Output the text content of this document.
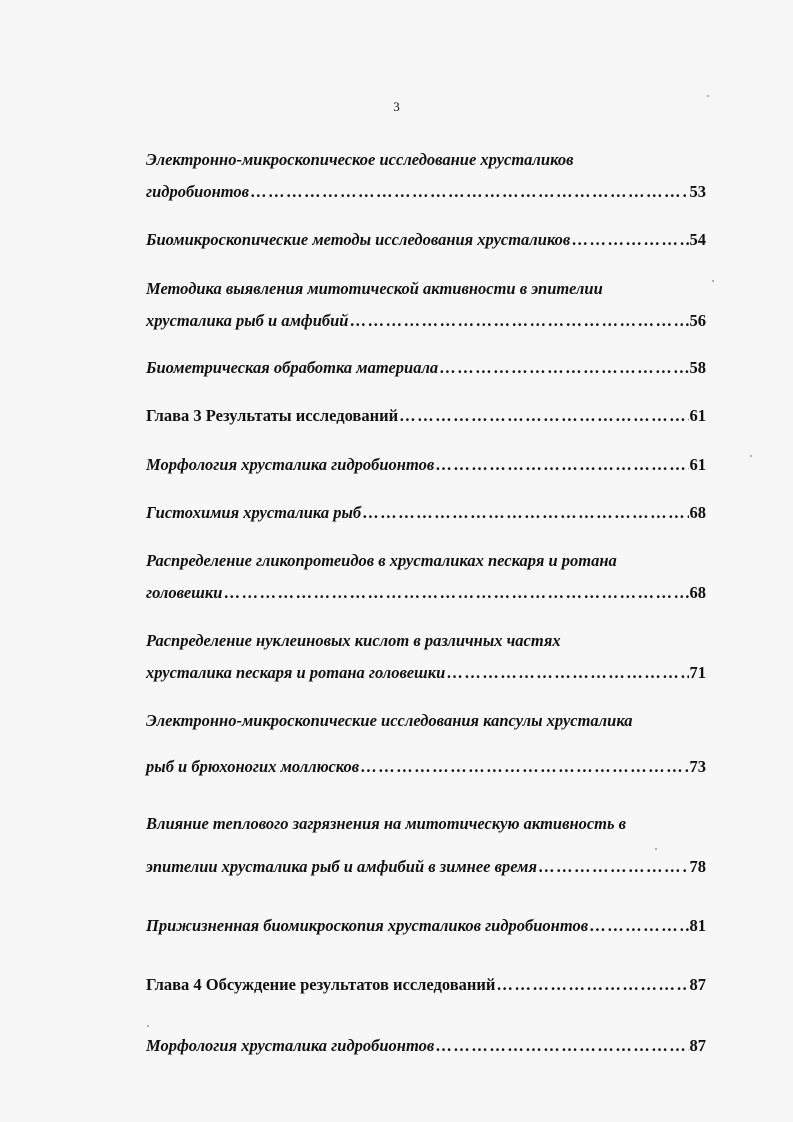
3
Электронно-микроскопическое исследование хрусталиков
гидробионтов ……………………………………………………………………………………………………………………………………………………	53
Биомикроскопические методы исследования хрусталиков ……………………………………………………………………………………………………………………………………………………	54
Методика выявления митотической активности в эпителии
хрусталика рыб и амфибий ……………………………………………………………………………………………………………………………………………………	56
Биометрическая обработка материала ……………………………………………………………………………………………………………………………………………………	58
Глава 3 Результаты исследований ……………………………………………………………………………………………………………………………………………………	61
Морфология хрусталика гидробионтов ……………………………………………………………………………………………………………………………………………………	61
Гистохимия хрусталика рыб ……………………………………………………………………………………………………………………………………………………	68
Распределение гликопротеидов в хрусталиках пескаря и ротана
головешки ……………………………………………………………………………………………………………………………………………………	68
Распределение нуклеиновых кислот в различных частях
хрусталика пескаря и ротана головешки ……………………………………………………………………………………………………………………………………………………	71
Электронно-микроскопические исследования капсулы хрусталика
рыб и брюхоногих моллюсков ……………………………………………………………………………………………………………………………………………………	73
Влияние теплового загрязнения на митотическую активность в
эпителии хрусталика рыб и амфибий в зимнее время ……………………………………………………………………………………………………………………………………………………	78
Прижизненная биомикроскопия хрусталиков гидробионтов ……………………………………………………………………………………………………………………………………………………	81
Глава 4 Обсуждение результатов исследований ……………………………………………………………………………………………………………………………………………………	87
Морфология хрусталика гидробионтов ……………………………………………………………………………………………………………………………………………………	87
